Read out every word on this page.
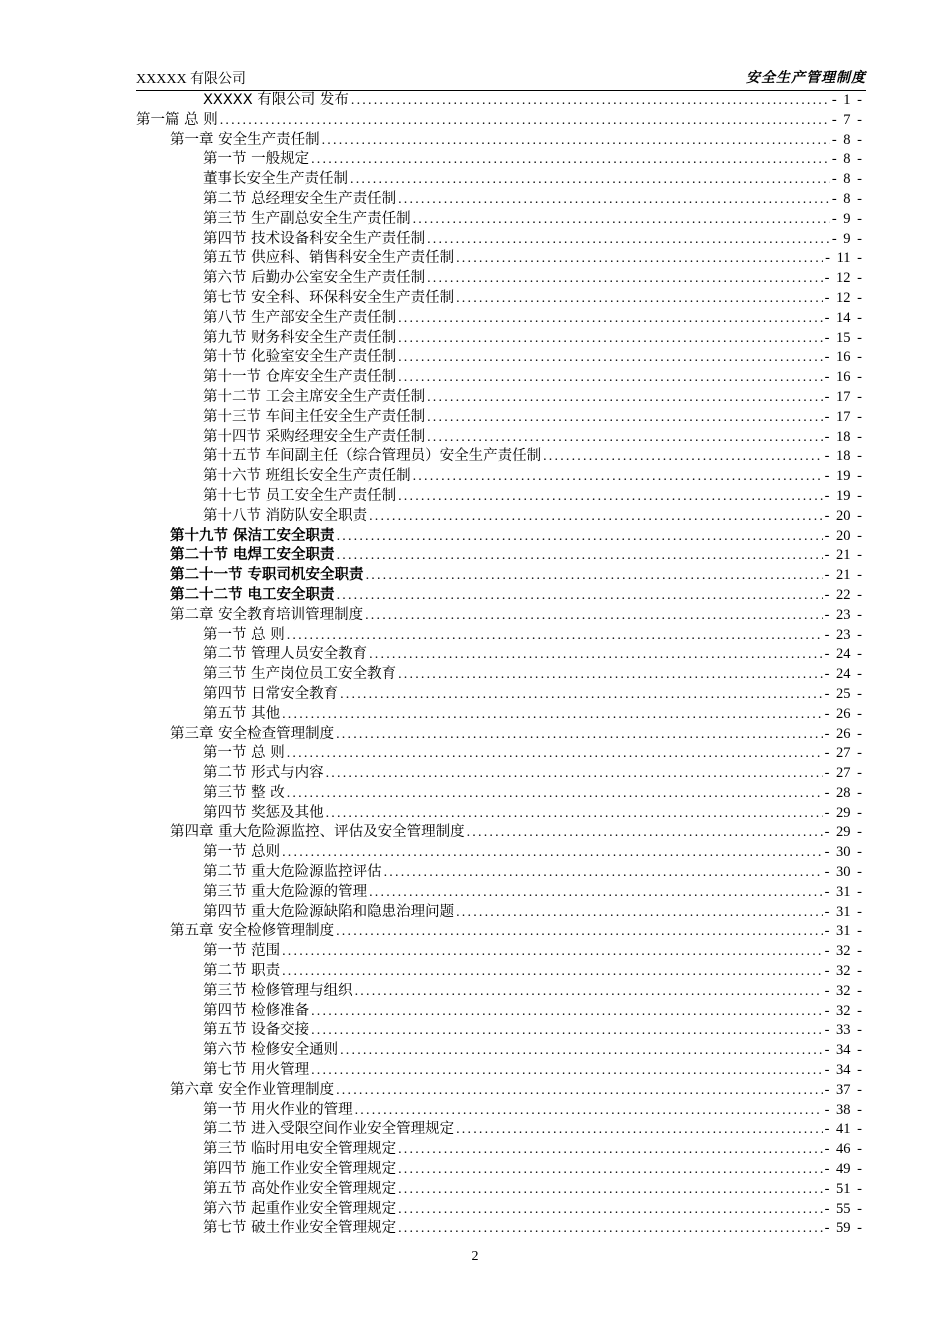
XXXXX 有限公司	安全生产管理制度
XXXXX 有限公司 发布 .....	- 1 -
第一篇 总 则 .....	- 7 -
第一章 安全生产责任制 .....	- 8 -
第一节 一般规定 .....	- 8 -
董事长安全生产责任制 .....	- 8 -
第二节 总经理安全生产责任制 .....	- 8 -
第三节 生产副总安全生产责任制 .....	- 9 -
第四节 技术设备科安全生产责任制 .....	- 9 -
第五节 供应科、销售科安全生产责任制 .....	- 11 -
第六节 后勤办公室安全生产责任制 .....	- 12 -
第七节 安全科、环保科安全生产责任制 .....	- 12 -
第八节 生产部安全生产责任制 .....	- 14 -
第九节 财务科安全生产责任制 .....	- 15 -
第十节 化验室安全生产责任制 .....	- 16 -
第十一节 仓库安全生产责任制 .....	- 16 -
第十二节 工会主席安全生产责任制 .....	- 17 -
第十三节 车间主任安全生产责任制 .....	- 17 -
第十四节 采购经理安全生产责任制 .....	- 18 -
第十五节 车间副主任（综合管理员）安全生产责任制 .....	- 18 -
第十六节 班组长安全生产责任制 .....	- 19 -
第十七节 员工安全生产责任制 .....	- 19 -
第十八节 消防队安全职责 .....	- 20 -
第十九节 保洁工安全职责 .....	- 20 -
第二十节 电焊工安全职责 .....	- 21 -
第二十一节 专职司机安全职责 .....	- 21 -
第二十二节 电工安全职责 .....	- 22 -
第二章 安全教育培训管理制度 .....	- 23 -
第一节 总 则 .....	- 23 -
第二节 管理人员安全教育 .....	- 24 -
第三节 生产岗位员工安全教育 .....	- 24 -
第四节 日常安全教育 .....	- 25 -
第五节 其他 .....	- 26 -
第三章 安全检查管理制度 .....	- 26 -
第一节 总 则 .....	- 27 -
第二节 形式与内容 .....	- 27 -
第三节 整 改 .....	- 28 -
第四节 奖惩及其他 .....	- 29 -
第四章 重大危险源监控、评估及安全管理制度 .....	- 29 -
第一节 总则 .....	- 30 -
第二节 重大危险源监控评估 .....	- 30 -
第三节 重大危险源的管理 .....	- 31 -
第四节 重大危险源缺陷和隐患治理问题 .....	- 31 -
第五章 安全检修管理制度 .....	- 31 -
第一节 范围 .....	- 32 -
第二节 职责 .....	- 32 -
第三节 检修管理与组织 .....	- 32 -
第四节 检修准备 .....	- 32 -
第五节 设备交接 .....	- 33 -
第六节 检修安全通则 .....	- 34 -
第七节 用火管理 .....	- 34 -
第六章 安全作业管理制度 .....	- 37 -
第一节 用火作业的管理 .....	- 38 -
第二节 进入受限空间作业安全管理规定 .....	- 41 -
第三节 临时用电安全管理规定 .....	- 46 -
第四节 施工作业安全管理规定 .....	- 49 -
第五节 高处作业安全管理规定 .....	- 51 -
第六节 起重作业安全管理规定 .....	- 55 -
第七节 破土作业安全管理规定 .....	- 59 -
2
